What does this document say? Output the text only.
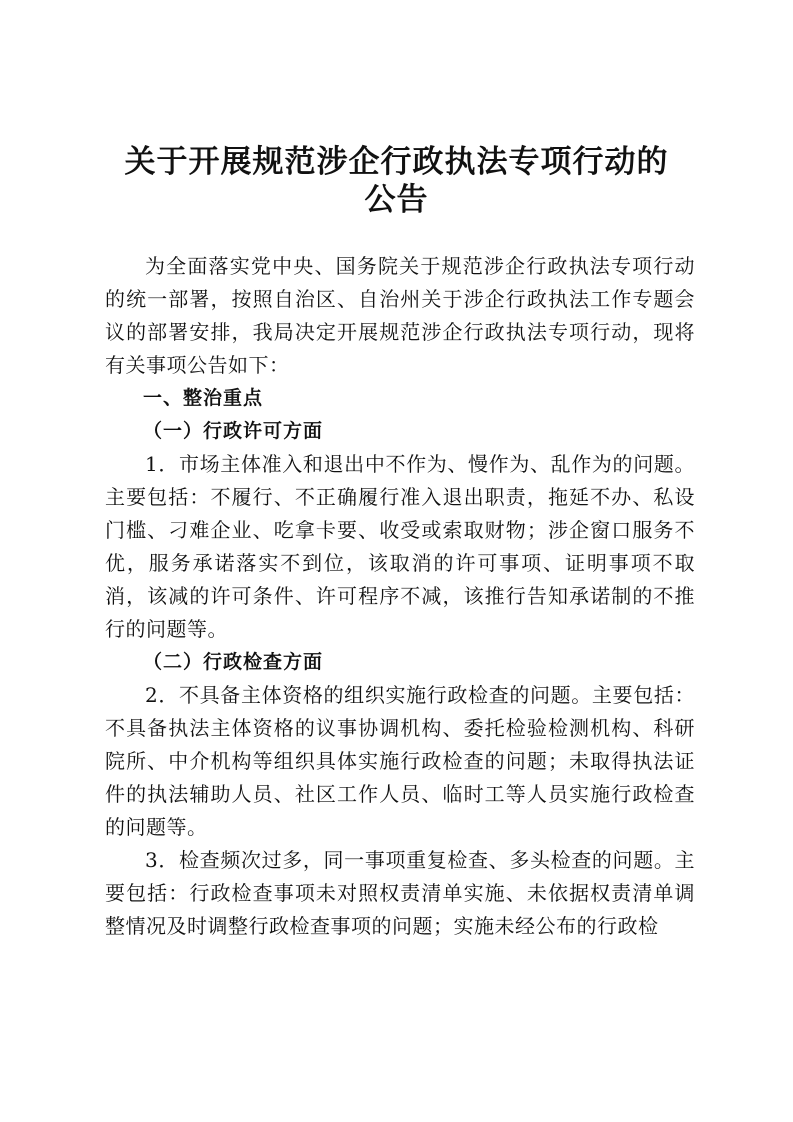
关于开展规范涉企行政执法专项行动的
公告

为全面落实党中央、国务院关于规范涉企行政执法专项行动的统一部署，按照自治区、自治州关于涉企行政执法工作专题会议的部署安排，我局决定开展规范涉企行政执法专项行动，现将有关事项公告如下：

一、整治重点

（一）行政许可方面

1．市场主体准入和退出中不作为、慢作为、乱作为的问题。主要包括：不履行、不正确履行准入退出职责，拖延不办、私设门槛、刁难企业、吃拿卡要、收受或索取财物；涉企窗口服务不优，服务承诺落实不到位，该取消的许可事项、证明事项不取消，该减的许可条件、许可程序不减，该推行告知承诺制的不推行的问题等。

（二）行政检查方面

2．不具备主体资格的组织实施行政检查的问题。主要包括：不具备执法主体资格的议事协调机构、委托检验检测机构、科研院所、中介机构等组织具体实施行政检查的问题；未取得执法证件的执法辅助人员、社区工作人员、临时工等人员实施行政检查的问题等。

3．检查频次过多，同一事项重复检查、多头检查的问题。主要包括：行政检查事项未对照权责清单实施、未依据权责清单调整情况及时调整行政检查事项的问题；实施未经公布的行政检
